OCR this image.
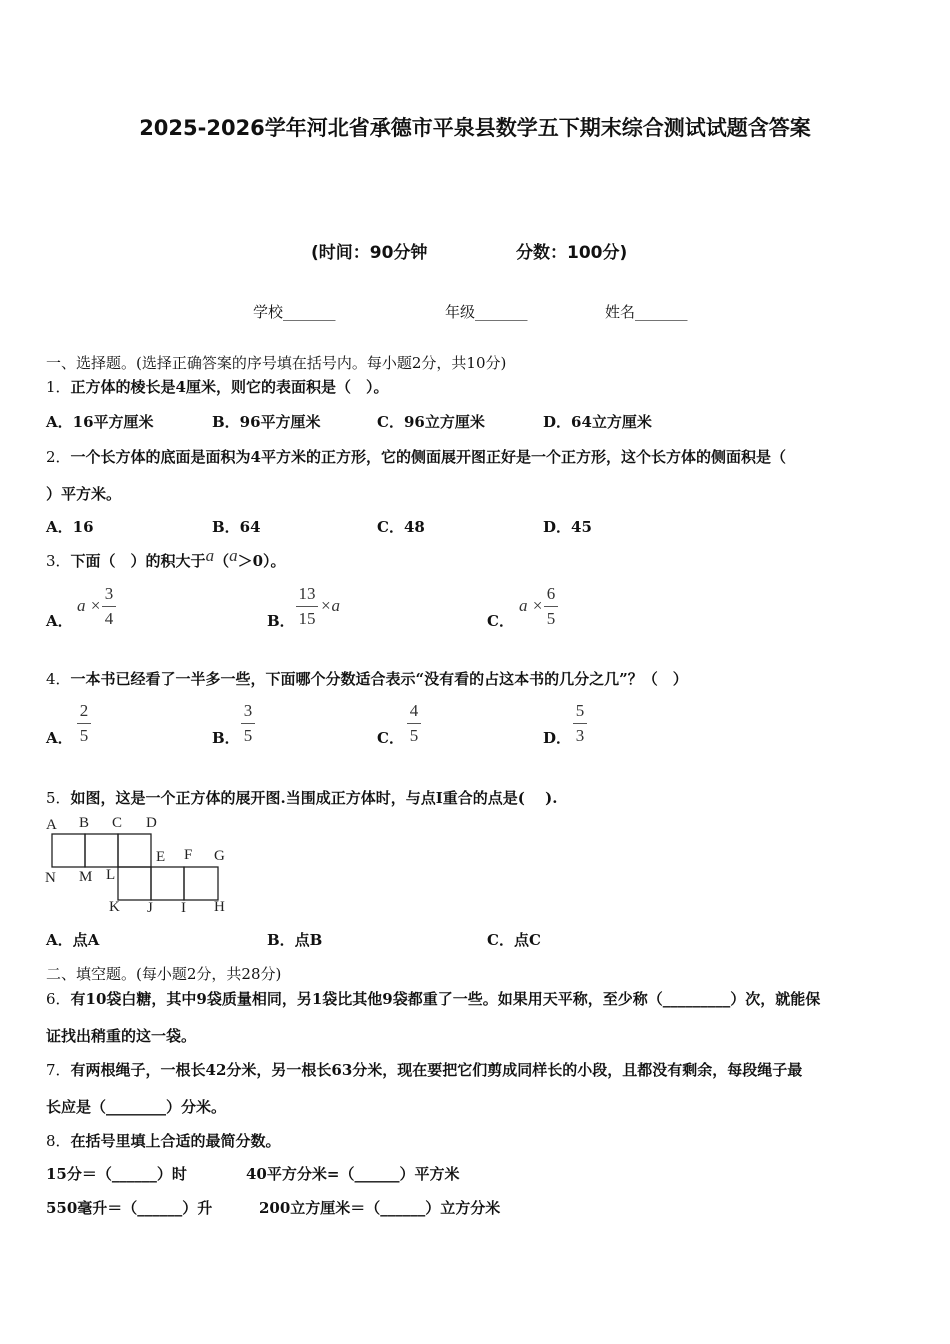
2025-2026学年河北省承德市平泉县数学五下期末综合测试试题含答案
(时间：90分钟	分数：100分)
学校_______	年级_______	姓名_______
一、选择题。(选择正确答案的序号填在括号内。每小题2分，共10分)
1．正方体的棱长是4厘米，则它的表面积是（　）。
A．16平方厘米	B．96平方厘米	C．96立方厘米	D．64立方厘米
2．一个长方体的底面是面积为4平方米的正方形，它的侧面展开图正好是一个正方形，这个长方体的侧面积是（
）平方米。
A．16	B．64	C．48	D．45
3．下面（　）的积大于a（a＞0）。
A．
a ×
3
4	B．
13
15
×a
C．
a ×
6
5
4．一本书已经看了一半多一些，下面哪个分数适合表示“没有看的占这本书的几分之几”？（　）
A．
2
5	B．
3
5	C．
4
5	D．
5
3
5．如图，这是一个正方体的展开图.当围成正方体时，与点I重合的点是(　 ).
A B C D
E F G
N M L
K J I H
A．点A	B．点B	C．点C
二、填空题。(每小题2分，共28分)
6．有10袋白糖，其中9袋质量相同，另1袋比其他9袋都重了一些。如果用天平称，至少称（_________）次，就能保
证找出稍重的这一袋。
7．有两根绳子，一根长42分米，另一根长63分米，现在要把它们剪成同样长的小段，且都没有剩余，每段绳子最
长应是（________）分米。
8．在括号里填上合适的最简分数。
15分＝（______）时	40平方分米=（______）平方米
550毫升＝（______）升	200立方厘米＝（______）立方分米
